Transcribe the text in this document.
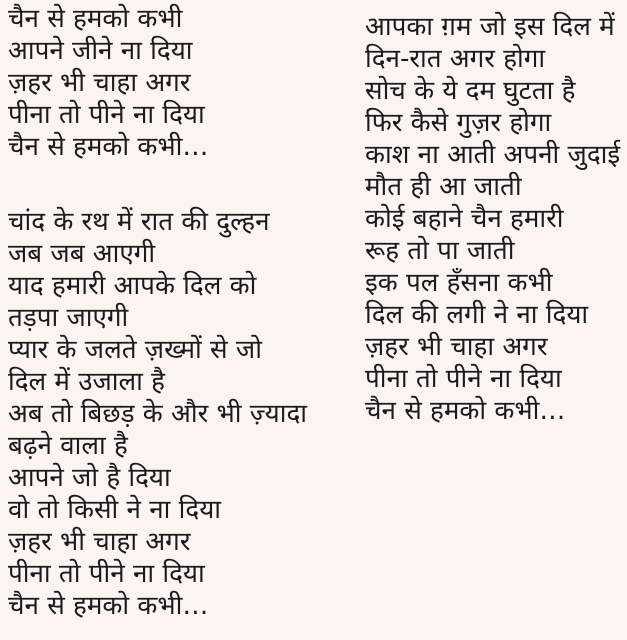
चैन से हमको कभी
आपने जीने ना दिया
ज़हर भी चाहा अगर
पीना तो पीने ना दिया
चैन से हमको कभी…
चांद के रथ में रात की दुल्हन
जब जब आएगी
याद हमारी आपके दिल को
तड़पा जाएगी
प्यार के जलते ज़ख्मों से जो
दिल में उजाला है
अब तो बिछड़ के और भी ज़्यादा
बढ़ने वाला है
आपने जो है दिया
वो तो किसी ने ना दिया
ज़हर भी चाहा अगर
पीना तो पीने ना दिया
चैन से हमको कभी…
आपका ग़म जो इस दिल में
दिन-रात अगर होगा
सोच के ये दम घुटता है
फिर कैसे गुज़र होगा
काश ना आती अपनी जुदाई
मौत ही आ जाती
कोई बहाने चैन हमारी
रूह तो पा जाती
इक पल हँसना कभी
दिल की लगी ने ना दिया
ज़हर भी चाहा अगर
पीना तो पीने ना दिया
चैन से हमको कभी…
